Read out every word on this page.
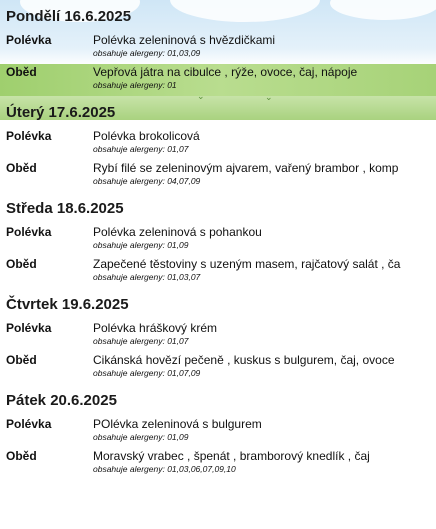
⌄	⌄
Pondělí 16.6.2025
Polévka	Polévka zeleninová s hvězdičkami
obsahuje alergeny: 01,03,09
Oběd	Vepřová játra na cibulce , rýže, ovoce, čaj, nápoje
obsahuje alergeny: 01
Úterý 17.6.2025
Polévka	Polévka brokolicová
obsahuje alergeny: 01,07
Oběd	Rybí filé se zeleninovým ajvarem, vařený brambor , komp
obsahuje alergeny: 04,07,09
Středa 18.6.2025
Polévka	Polévka zeleninová s pohankou
obsahuje alergeny: 01,09
Oběd	Zapečené těstoviny s uzeným masem, rajčatový salát , ča
obsahuje alergeny: 01,03,07
Čtvrtek 19.6.2025
Polévka	Polévka hráškový krém
obsahuje alergeny: 01,07
Oběd	Cikánská hovězí pečeně , kuskus s bulgurem, čaj, ovoce
obsahuje alergeny: 01,07,09
Pátek 20.6.2025
Polévka	POlévka zeleninová s bulgurem
obsahuje alergeny: 01,09
Oběd	Moravský vrabec , špenát , bramborový knedlík , čaj
obsahuje alergeny: 01,03,06,07,09,10
